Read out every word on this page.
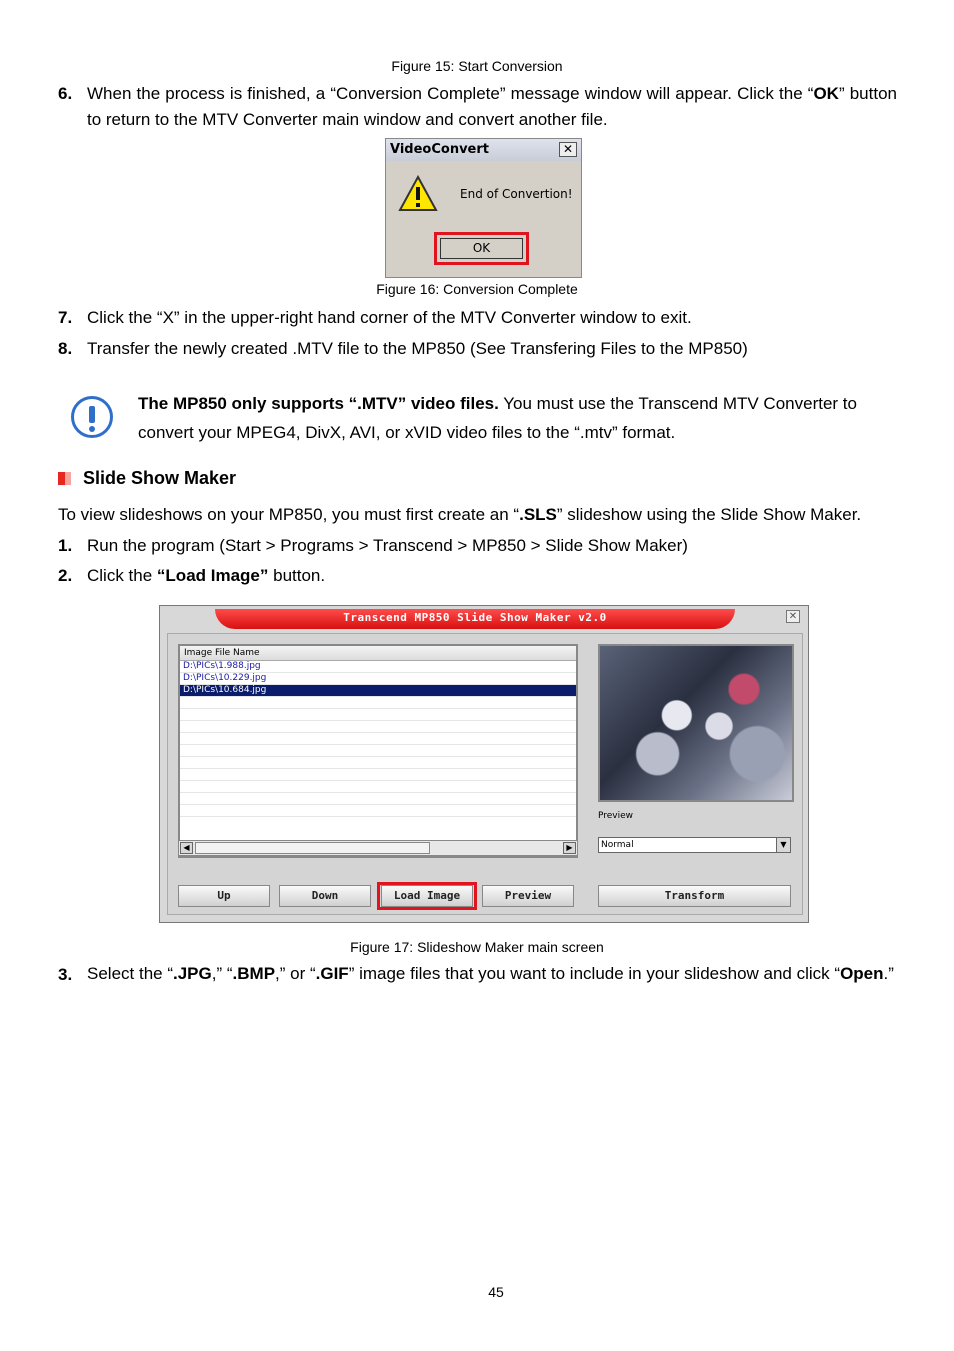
Figure 15: Start Conversion
6. When the process is finished, a “Conversion Complete” message window will appear. Click the “OK” button to return to the MTV Converter main window and convert another file.
VideoConvert	✕
End of Convertion!
OK
Figure 16: Conversion Complete
7. Click the “X” in the upper-right hand corner of the MTV Converter window to exit.
8. Transfer the newly created .MTV file to the MP850 (See Transfering Files to the MP850)
The MP850 only supports “.MTV” video files. You must use the Transcend MTV Converter to convert your MPEG4, DivX, AVI, or xVID video files to the “.mtv” format.
Slide Show Maker
To view slideshows on your MP850, you must first create an “.SLS” slideshow using the Slide Show Maker.
1. Run the program (Start > Programs > Transcend > MP850 > Slide Show Maker)
2. Click the “Load Image” button.
Transcend MP850 Slide Show Maker v2.0	✕
Image File Name
D:\PICs\1.988.jpg
D:\PICs\10.229.jpg
D:\PICs\10.684.jpg
◀	▶
Preview
Normal	▼
Up	Down	Load Image	Preview	Transform
Figure 17: Slideshow Maker main screen
3. Select the “.JPG,” “.BMP,” or “.GIF” image files that you want to include in your slideshow and click “Open.”
45
